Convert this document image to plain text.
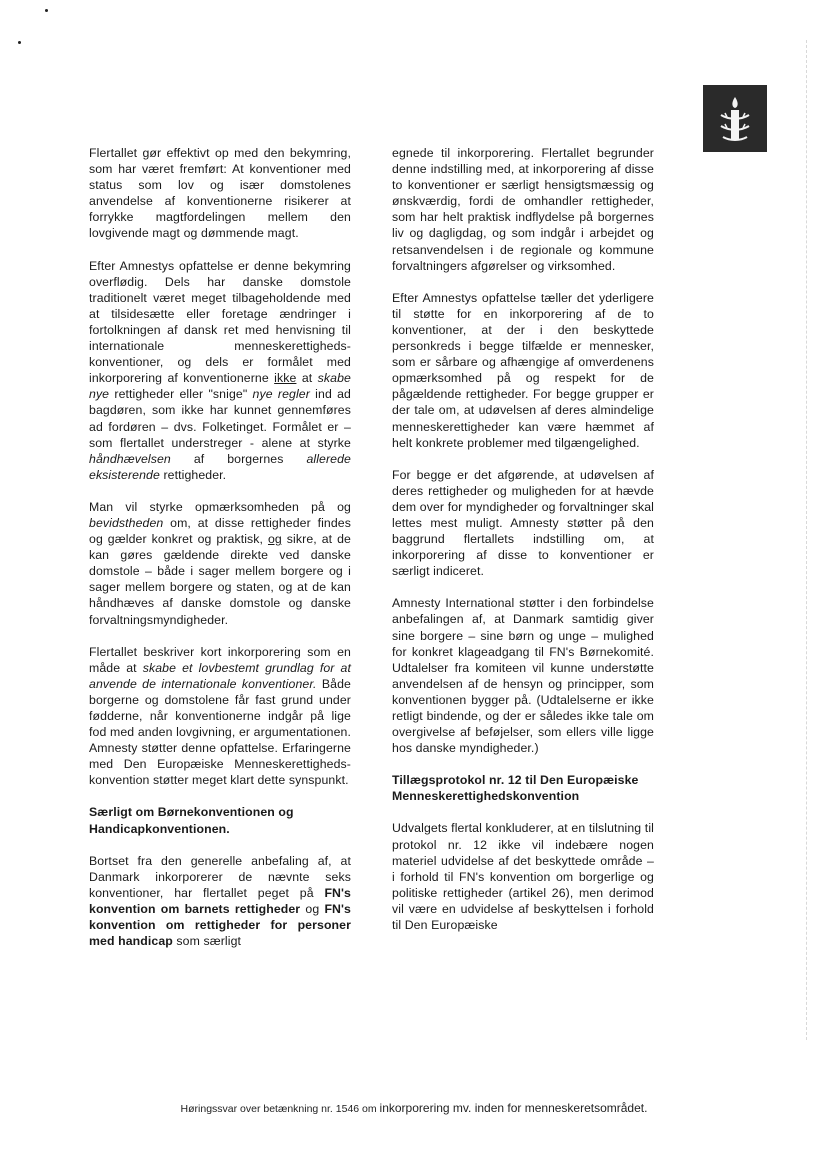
Flertallet gør effektivt op med den bekymring, som har været fremført: At konventioner med status som lov og især domstolenes anvendelse af konventionerne risikerer at forrykke magtfordelingen mellem den lovgivende magt og dømmende magt.

Efter Amnestys opfattelse er denne bekymring overflødig. Dels har danske domstole traditionelt været meget tilbageholdende med at tilsidesætte eller foretage ændringer i fortolkningen af dansk ret med henvisning til internationale menneskerettigheds-konventioner, og dels er formålet med inkorporering af konventionerne ikke at skabe nye rettigheder eller "snige" nye regler ind ad bagdøren, som ikke har kunnet gennemføres ad fordøren – dvs. Folketinget. Formålet er – som flertallet understreger - alene at styrke håndhævelsen af borgernes allerede eksisterende rettigheder.

Man vil styrke opmærksomheden på og bevidstheden om, at disse rettigheder findes og gælder konkret og praktisk, og sikre, at de kan gøres gældende direkte ved danske domstole – både i sager mellem borgere og i sager mellem borgere og staten, og at de kan håndhæves af danske domstole og danske forvaltningsmyndigheder.

Flertallet beskriver kort inkorporering som en måde at skabe et lovbestemt grundlag for at anvende de internationale konventioner. Både borgerne og domstolene får fast grund under fødderne, når konventionerne indgår på lige fod med anden lovgivning, er argumentationen. Amnesty støtter denne opfattelse. Erfaringerne med Den Europæiske Menneskerettigheds-konvention støtter meget klart dette synspunkt.

Særligt om Børnekonventionen og Handicapkonventionen.

Bortset fra den generelle anbefaling af, at Danmark inkorporerer de nævnte seks konventioner, har flertallet peget på FN's konvention om barnets rettigheder og FN's konvention om rettigheder for personer med handicap som særligt

egnede til inkorporering. Flertallet begrunder denne indstilling med, at inkorporering af disse to konventioner er særligt hensigtsmæssig og ønskværdig, fordi de omhandler rettigheder, som har helt praktisk indflydelse på borgernes liv og dagligdag, og som indgår i arbejdet og retsanvendelsen i de regionale og kommune forvaltningers afgørelser og virksomhed.

Efter Amnestys opfattelse tæller det yderligere til støtte for en inkorporering af de to konventioner, at der i den beskyttede personkreds i begge tilfælde er mennesker, som er sårbare og afhængige af omverdenens opmærksomhed på og respekt for de pågældende rettigheder. For begge grupper er der tale om, at udøvelsen af deres almindelige menneskerettigheder kan være hæmmet af helt konkrete problemer med tilgængelighed.

For begge er det afgørende, at udøvelsen af deres rettigheder og muligheden for at hævde dem over for myndigheder og forvaltninger skal lettes mest muligt. Amnesty støtter på den baggrund flertallets indstilling om, at inkorporering af disse to konventioner er særligt indiceret.

Amnesty International støtter i den forbindelse anbefalingen af, at Danmark samtidig giver sine borgere – sine børn og unge – mulighed for konkret klageadgang til FN's Børnekomité. Udtalelser fra komiteen vil kunne understøtte anvendelsen af de hensyn og principper, som konventionen bygger på. (Udtalelserne er ikke retligt bindende, og der er således ikke tale om overgivelse af beføjelser, som ellers ville ligge hos danske myndigheder.)

Tillægsprotokol nr. 12 til Den Europæiske Menneskerettighedskonvention

Udvalgets flertal konkluderer, at en tilslutning til protokol nr. 12 ikke vil indebære nogen materiel udvidelse af det beskyttede område – i forhold til FN's konvention om borgerlige og politiske rettigheder (artikel 26), men derimod vil være en udvidelse af beskyttelsen i forhold til Den Europæiske

Høringssvar over betænkning nr. 1546 om inkorporering mv. inden for menneskeretsområdet.
